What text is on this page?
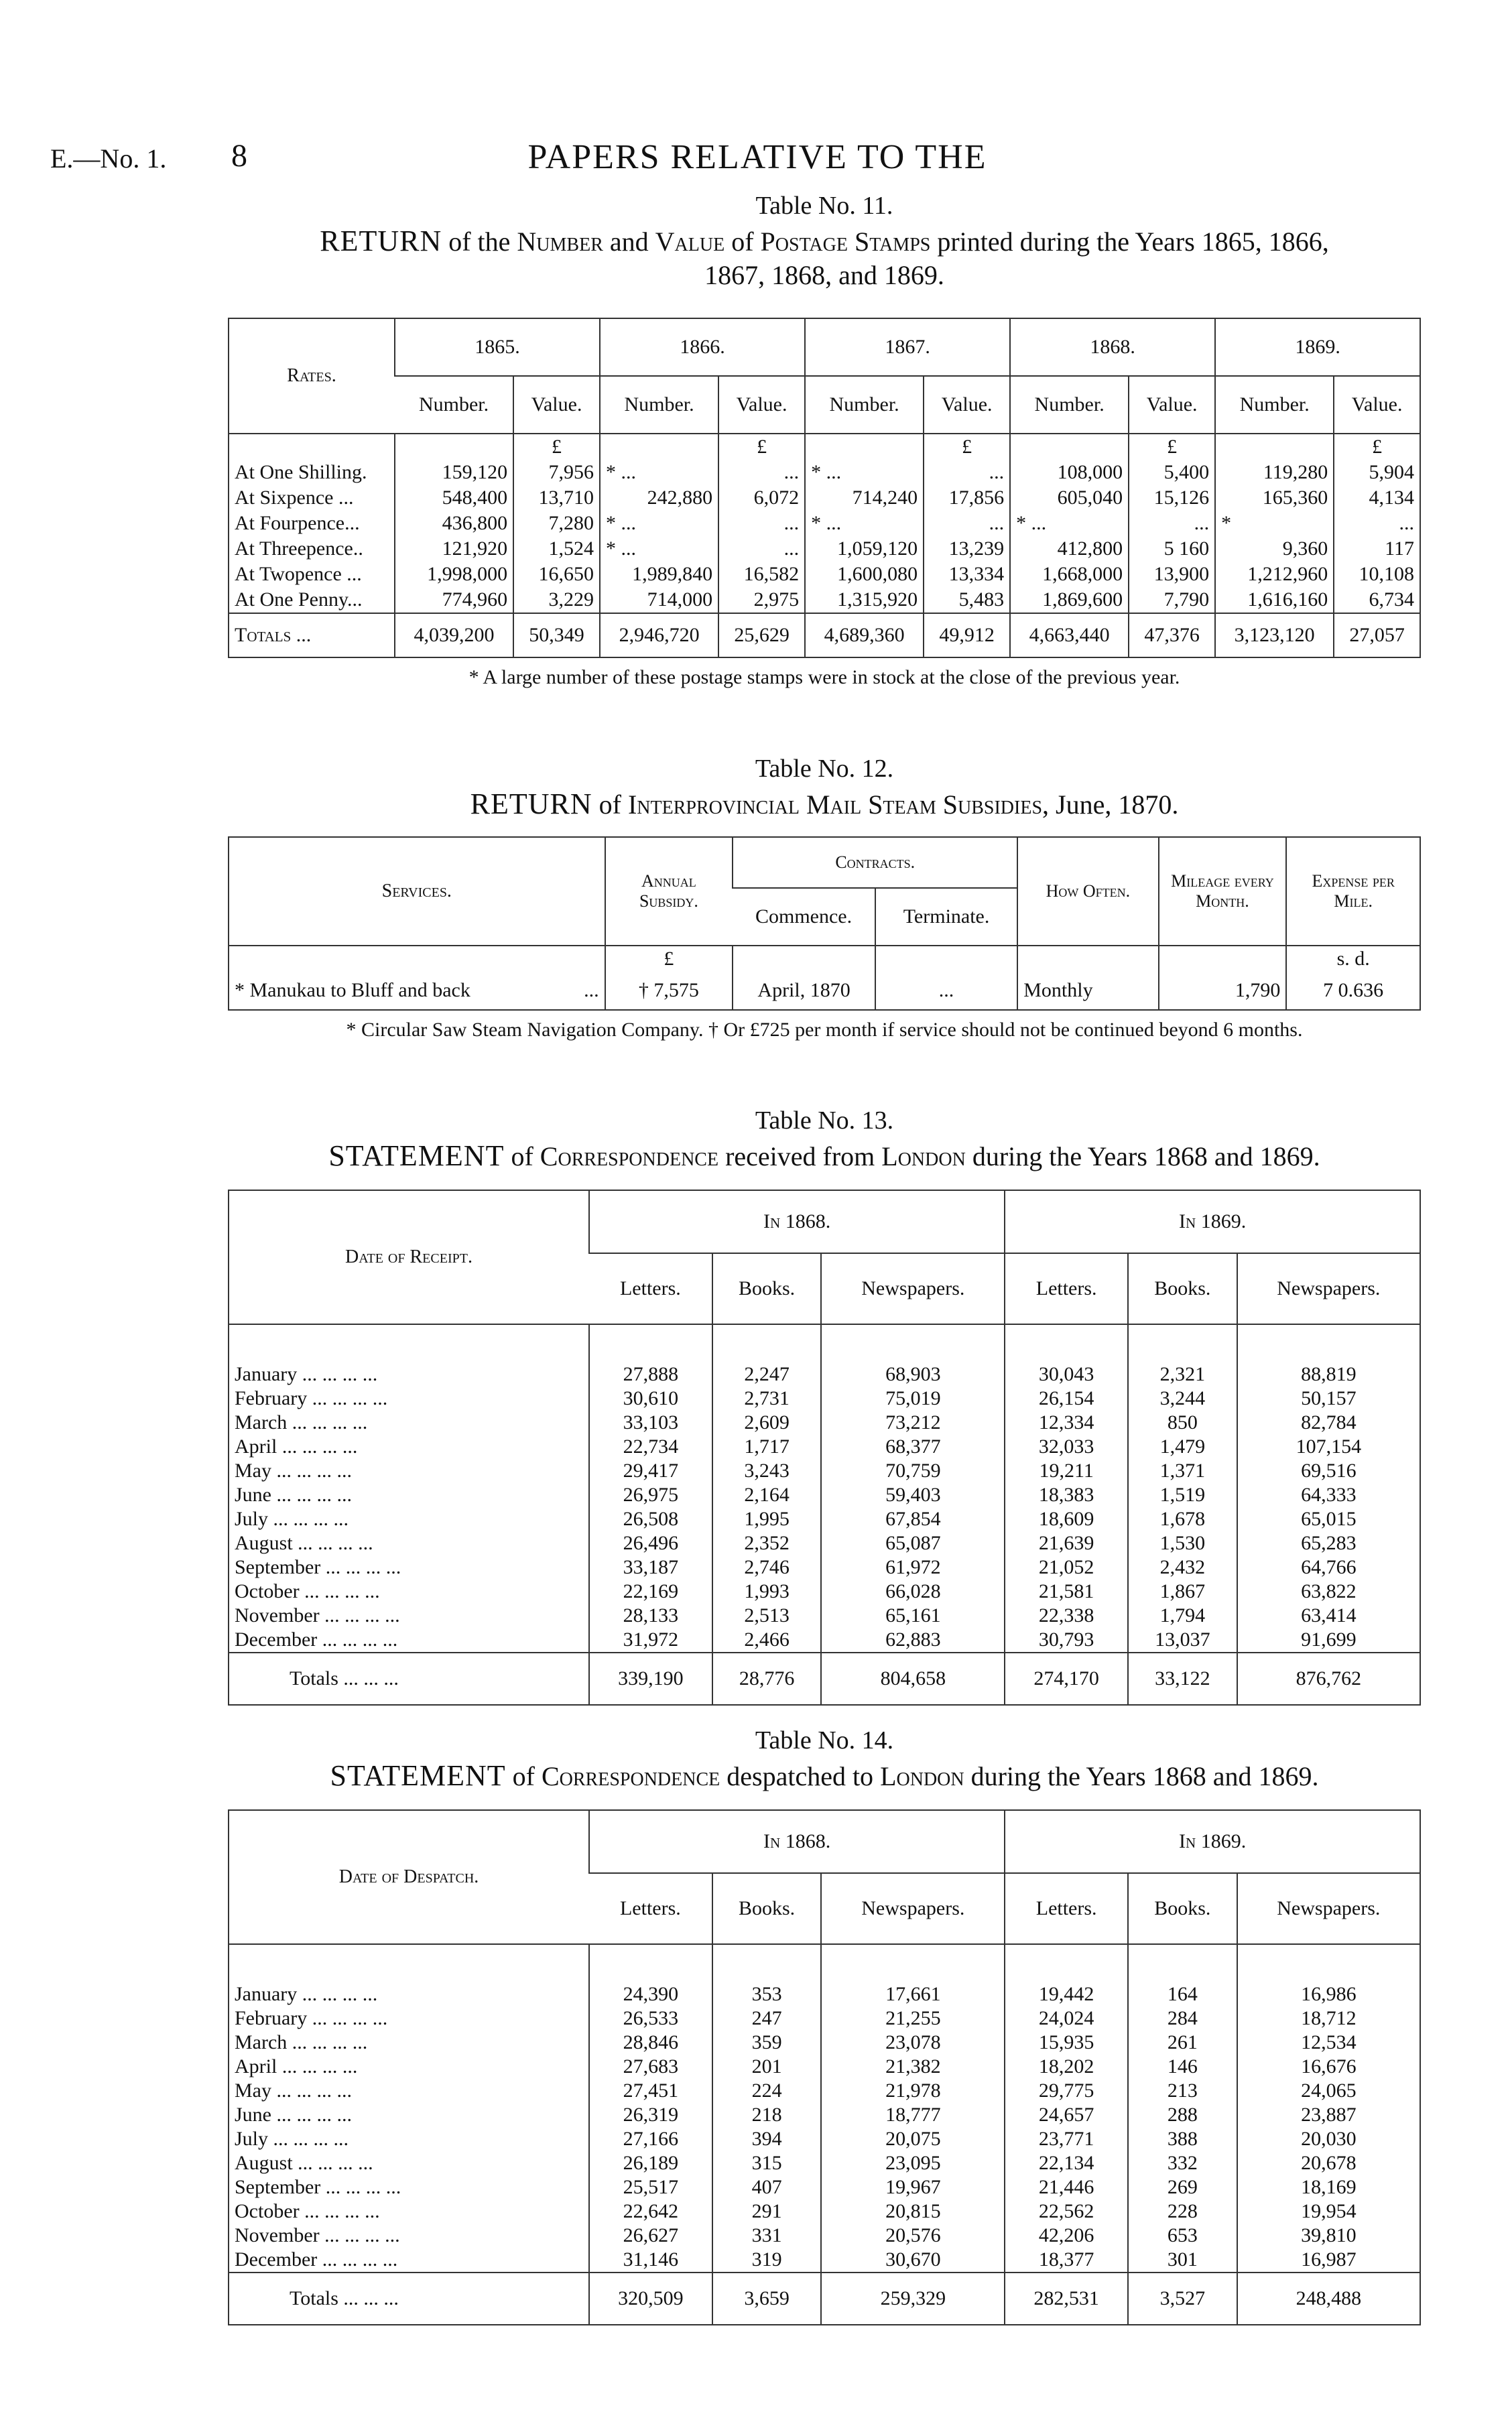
E.—No. 1. 8	PAPERS RELATIVE TO THE
Table No. 11.
RETURN of the Number and Value of Postage Stamps printed during the Years 1865, 1866,
1867, 1868, and 1869.
Rates.	1865.		1866.		1867.		1868.		1869.	
	Number.	Value.	Number.	Value.	Number.	Value.	Number.	Value.	Number.	Value.
		£		£		£		£		£
At One Shilling.	159,120	7,956	* ...	...	* ...	...	108,000	5,400	119,280	5,904
At Sixpence ...	548,400	13,710	242,880	6,072	714,240	17,856	605,040	15,126	165,360	4,134
At Fourpence...	436,800	7,280	* ...	...	* ...	...	* ...	...	*	...
At Threepence..	121,920	1,524	* ...	...	1,059,120	13,239	412,800	5 160	9,360	117
At Twopence ...	1,998,000	16,650	1,989,840	16,582	1,600,080	13,334	1,668,000	13,900	1,212,960	10,108
At One Penny...	774,960	3,229	714,000	2,975	1,315,920	5,483	1,869,600	7,790	1,616,160	6,734
Totals ...	4,039,200	50,349	2,946,720	25,629	4,689,360	49,912	4,663,440	47,376	3,123,120	27,057
* A large number of these postage stamps were in stock at the close of the previous year.
Table No. 12.
RETURN of Interprovincial Mail Steam Subsidies, June, 1870.
Services.	Annual Subsidy.	Contracts.		How Often.	Mileage every Month.	Expense per Mile.
		Commence.	Terminate.			
	£					s. d.
* Manukau to Bluff and back ...	† 7,575	April, 1870	...	Monthly	1,790	7 0.636
* Circular Saw Steam Navigation Company. † Or £725 per month if service should not be continued beyond 6 months.
Table No. 13.
STATEMENT of Correspondence received from London during the Years 1868 and 1869.
Date of Receipt.	In 1868.			In 1869.		
	Letters.	Books.	Newspapers.	Letters.	Books.	Newspapers.

January ... ... ... ...	27,888	2,247	68,903	30,043	2,321	88,819
February ... ... ... ...	30,610	2,731	75,019	26,154	3,244	50,157
March ... ... ... ...	33,103	2,609	73,212	12,334	850	82,784
April ... ... ... ...	22,734	1,717	68,377	32,033	1,479	107,154
May ... ... ... ...	29,417	3,243	70,759	19,211	1,371	69,516
June ... ... ... ...	26,975	2,164	59,403	18,383	1,519	64,333
July ... ... ... ...	26,508	1,995	67,854	18,609	1,678	65,015
August ... ... ... ...	26,496	2,352	65,087	21,639	1,530	65,283
September ... ... ... ...	33,187	2,746	61,972	21,052	2,432	64,766
October ... ... ... ...	22,169	1,993	66,028	21,581	1,867	63,822
November ... ... ... ...	28,133	2,513	65,161	22,338	1,794	63,414
December ... ... ... ...	31,972	2,466	62,883	30,793	13,037	91,699
Totals ... ... ...	339,190	28,776	804,658	274,170	33,122	876,762
Table No. 14.
STATEMENT of Correspondence despatched to London during the Years 1868 and 1869.
Date of Despatch.	In 1868.			In 1869.		
	Letters.	Books.	Newspapers.	Letters.	Books.	Newspapers.

January ... ... ... ...	24,390	353	17,661	19,442	164	16,986
February ... ... ... ...	26,533	247	21,255	24,024	284	18,712
March ... ... ... ...	28,846	359	23,078	15,935	261	12,534
April ... ... ... ...	27,683	201	21,382	18,202	146	16,676
May ... ... ... ...	27,451	224	21,978	29,775	213	24,065
June ... ... ... ...	26,319	218	18,777	24,657	288	23,887
July ... ... ... ...	27,166	394	20,075	23,771	388	20,030
August ... ... ... ...	26,189	315	23,095	22,134	332	20,678
September ... ... ... ...	25,517	407	19,967	21,446	269	18,169
October ... ... ... ...	22,642	291	20,815	22,562	228	19,954
November ... ... ... ...	26,627	331	20,576	42,206	653	39,810
December ... ... ... ...	31,146	319	30,670	18,377	301	16,987
Totals ... ... ...	320,509	3,659	259,329	282,531	3,527	248,488
